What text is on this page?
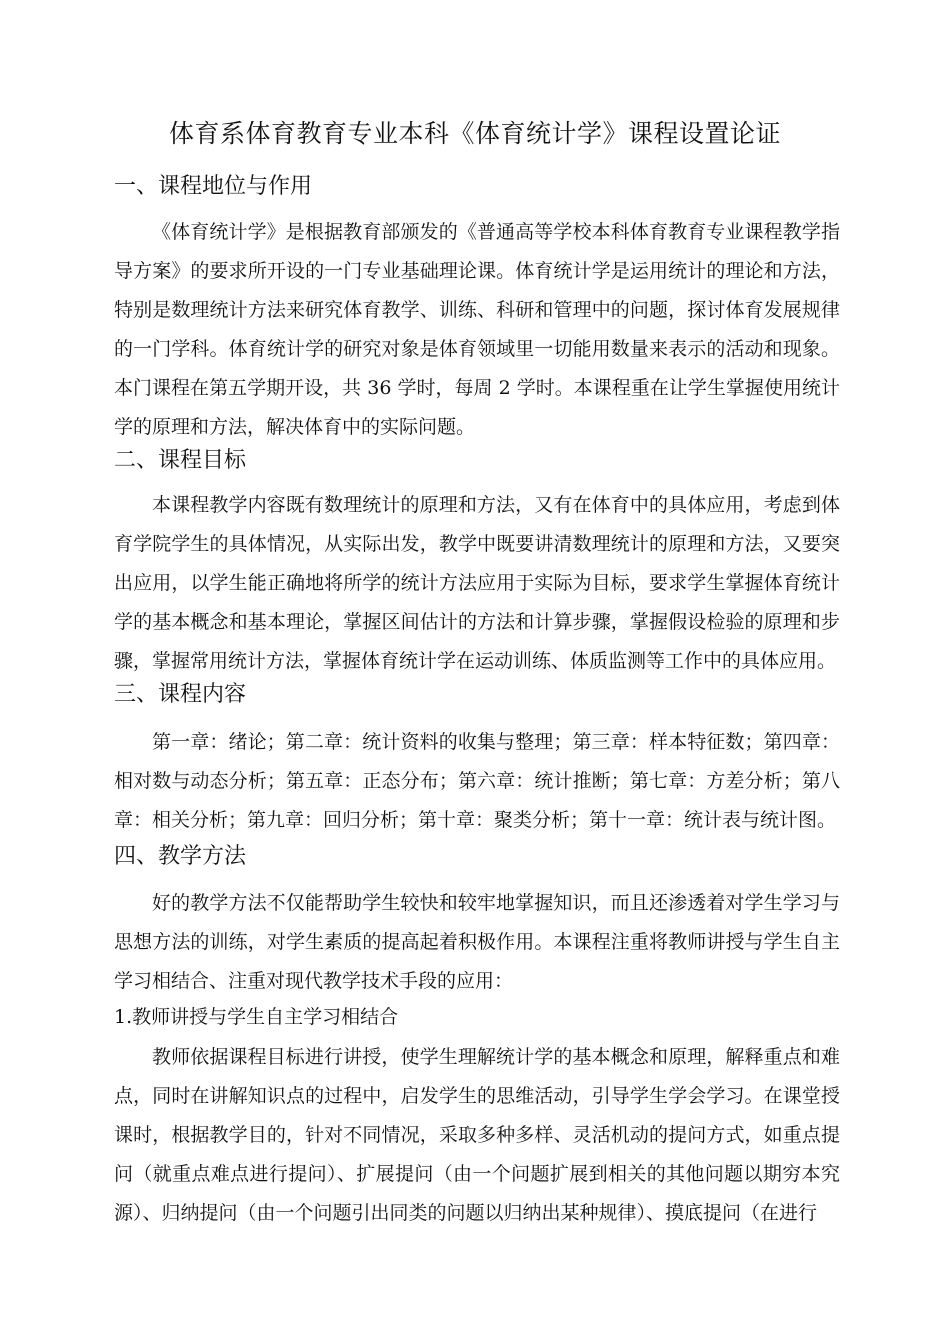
体育系体育教育专业本科《体育统计学》课程设置论证
一、课程地位与作用
《体育统计学》是根据教育部颁发的《普通高等学校本科体育教育专业课程教学指导方案》的要求所开设的一门专业基础理论课。体育统计学是运用统计的理论和方法，特别是数理统计方法来研究体育教学、训练、科研和管理中的问题，探讨体育发展规律的一门学科。体育统计学的研究对象是体育领域里一切能用数量来表示的活动和现象。本门课程在第五学期开设，共 36 学时，每周 2 学时。本课程重在让学生掌握使用统计学的原理和方法，解决体育中的实际问题。
二、课程目标
本课程教学内容既有数理统计的原理和方法，又有在体育中的具体应用，考虑到体育学院学生的具体情况，从实际出发，教学中既要讲清数理统计的原理和方法，又要突出应用，以学生能正确地将所学的统计方法应用于实际为目标，要求学生掌握体育统计学的基本概念和基本理论，掌握区间估计的方法和计算步骤，掌握假设检验的原理和步骤，掌握常用统计方法，掌握体育统计学在运动训练、体质监测等工作中的具体应用。
三、课程内容
第一章：绪论；第二章：统计资料的收集与整理；第三章：样本特征数；第四章：相对数与动态分析；第五章：正态分布；第六章：统计推断；第七章：方差分析；第八章：相关分析；第九章：回归分析；第十章：聚类分析；第十一章：统计表与统计图。
四、教学方法
好的教学方法不仅能帮助学生较快和较牢地掌握知识，而且还渗透着对学生学习与思想方法的训练，对学生素质的提高起着积极作用。本课程注重将教师讲授与学生自主学习相结合、注重对现代教学技术手段的应用：
1.教师讲授与学生自主学习相结合
教师依据课程目标进行讲授，使学生理解统计学的基本概念和原理，解释重点和难点，同时在讲解知识点的过程中，启发学生的思维活动，引导学生学会学习。在课堂授课时，根据教学目的，针对不同情况，采取多种多样、灵活机动的提问方式，如重点提问（就重点难点进行提问）、扩展提问（由一个问题扩展到相关的其他问题以期穷本究源）、归纳提问（由一个问题引出同类的问题以归纳出某种规律）、摸底提问（在进行
